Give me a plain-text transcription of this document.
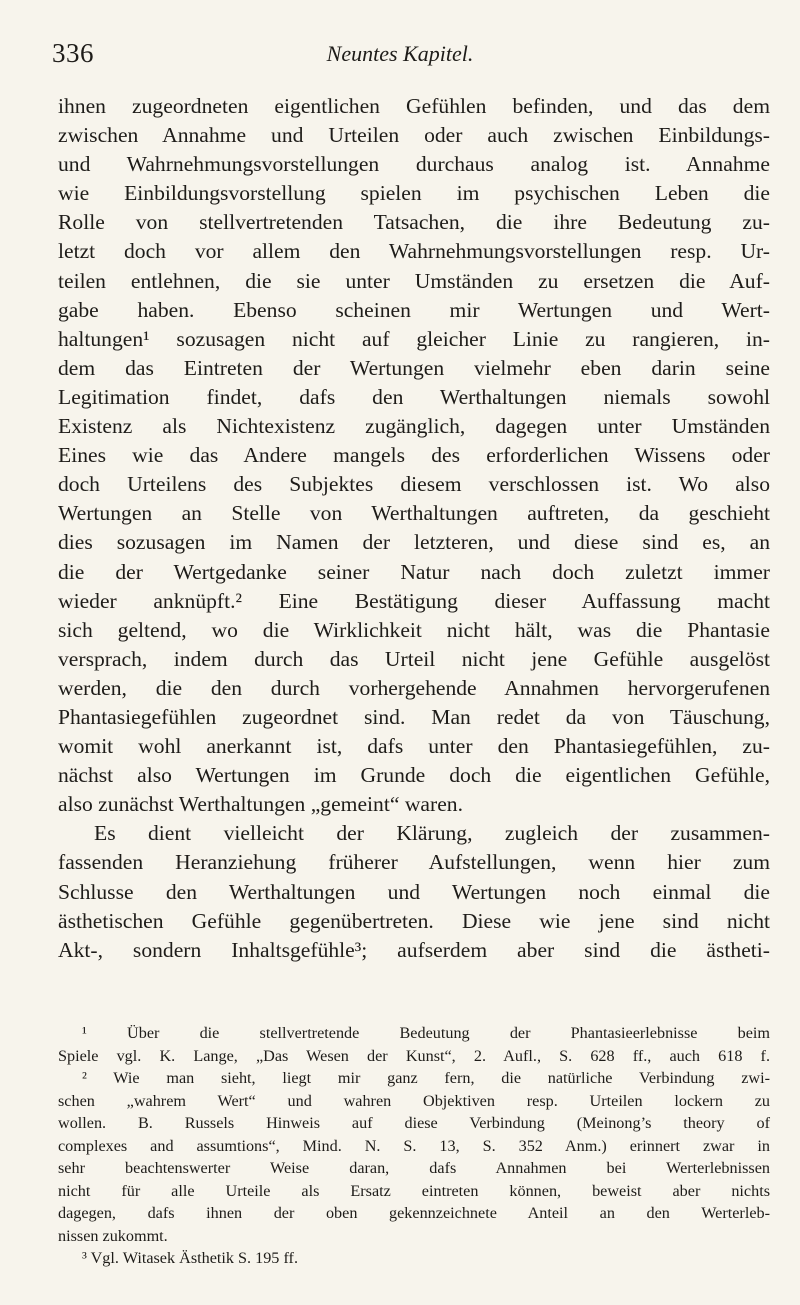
336	Neuntes Kapitel.
ihnen zugeordneten eigentlichen Gefühlen befinden, und das dem
zwischen Annahme und Urteilen oder auch zwischen Einbildungs-
und Wahrnehmungsvorstellungen durchaus analog ist. Annahme
wie Einbildungsvorstellung spielen im psychischen Leben die
Rolle von stellvertretenden Tatsachen, die ihre Bedeutung zu-
letzt doch vor allem den Wahrnehmungsvorstellungen resp. Ur-
teilen entlehnen, die sie unter Umständen zu ersetzen die Auf-
gabe haben. Ebenso scheinen mir Wertungen und Wert-
haltungen¹ sozusagen nicht auf gleicher Linie zu rangieren, in-
dem das Eintreten der Wertungen vielmehr eben darin seine
Legitimation findet, dafs den Werthaltungen niemals sowohl
Existenz als Nichtexistenz zugänglich, dagegen unter Umständen
Eines wie das Andere mangels des erforderlichen Wissens oder
doch Urteilens des Subjektes diesem verschlossen ist. Wo also
Wertungen an Stelle von Werthaltungen auftreten, da geschieht
dies sozusagen im Namen der letzteren, und diese sind es, an
die der Wertgedanke seiner Natur nach doch zuletzt immer
wieder anknüpft.² Eine Bestätigung dieser Auffassung macht
sich geltend, wo die Wirklichkeit nicht hält, was die Phantasie
versprach, indem durch das Urteil nicht jene Gefühle ausgelöst
werden, die den durch vorhergehende Annahmen hervorgerufenen
Phantasiegefühlen zugeordnet sind. Man redet da von Täuschung,
womit wohl anerkannt ist, dafs unter den Phantasiegefühlen, zu-
nächst also Wertungen im Grunde doch die eigentlichen Gefühle,
also zunächst Werthaltungen „gemeint“ waren.
Es dient vielleicht der Klärung, zugleich der zusammen-
fassenden Heranziehung früherer Aufstellungen, wenn hier zum
Schlusse den Werthaltungen und Wertungen noch einmal die
ästhetischen Gefühle gegenübertreten. Diese wie jene sind nicht
Akt-, sondern Inhaltsgefühle³; aufserdem aber sind die ästheti-
¹ Über die stellvertretende Bedeutung der Phantasieerlebnisse beim
Spiele vgl. K. Lange, „Das Wesen der Kunst“, 2. Aufl., S. 628 ff., auch 618 f.
² Wie man sieht, liegt mir ganz fern, die natürliche Verbindung zwi-
schen „wahrem Wert“ und wahren Objektiven resp. Urteilen lockern zu
wollen. B. Russels Hinweis auf diese Verbindung (Meinong’s theory of
complexes and assumtions“, Mind. N. S. 13, S. 352 Anm.) erinnert zwar in
sehr beachtenswerter Weise daran, dafs Annahmen bei Werterlebnissen
nicht für alle Urteile als Ersatz eintreten können, beweist aber nichts
dagegen, dafs ihnen der oben gekennzeichnete Anteil an den Werterleb-
nissen zukommt.
³ Vgl. Witasek Ästhetik S. 195 ff.
